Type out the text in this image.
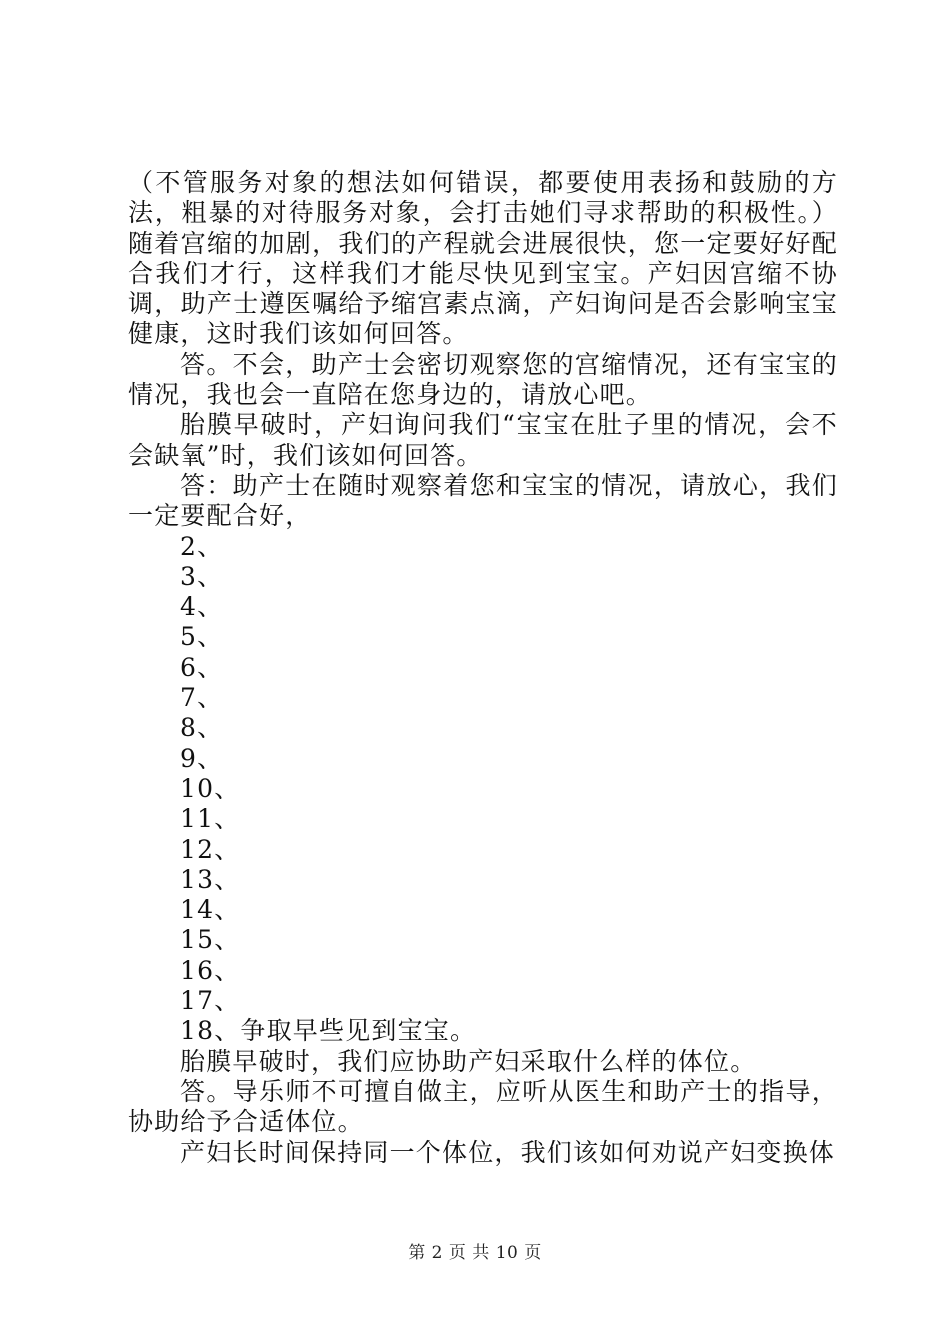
（不管服务对象的想法如何错误，都要使用表扬和鼓励的方法，粗暴的对待服务对象，会打击她们寻求帮助的积极性。）随着宫缩的加剧，我们的产程就会进展很快，您一定要好好配合我们才行，这样我们才能尽快见到宝宝。产妇因宫缩不协调，助产士遵医嘱给予缩宫素点滴，产妇询问是否会影响宝宝健康，这时我们该如何回答。

答。不会，助产士会密切观察您的宫缩情况，还有宝宝的情况，我也会一直陪在您身边的，请放心吧。

胎膜早破时，产妇询问我们“宝宝在肚子里的情况，会不会缺氧”时，我们该如何回答。

答：助产士在随时观察着您和宝宝的情况，请放心，我们一定要配合好，

2、

3、

4、

5、

6、

7、

8、

9、

10、

11、

12、

13、

14、

15、

16、

17、

18、争取早些见到宝宝。

胎膜早破时，我们应协助产妇采取什么样的体位。

答。导乐师不可擅自做主，应听从医生和助产士的指导，协助给予合适体位。

产妇长时间保持同一个体位，我们该如何劝说产妇变换体

第 2 页 共 10 页
